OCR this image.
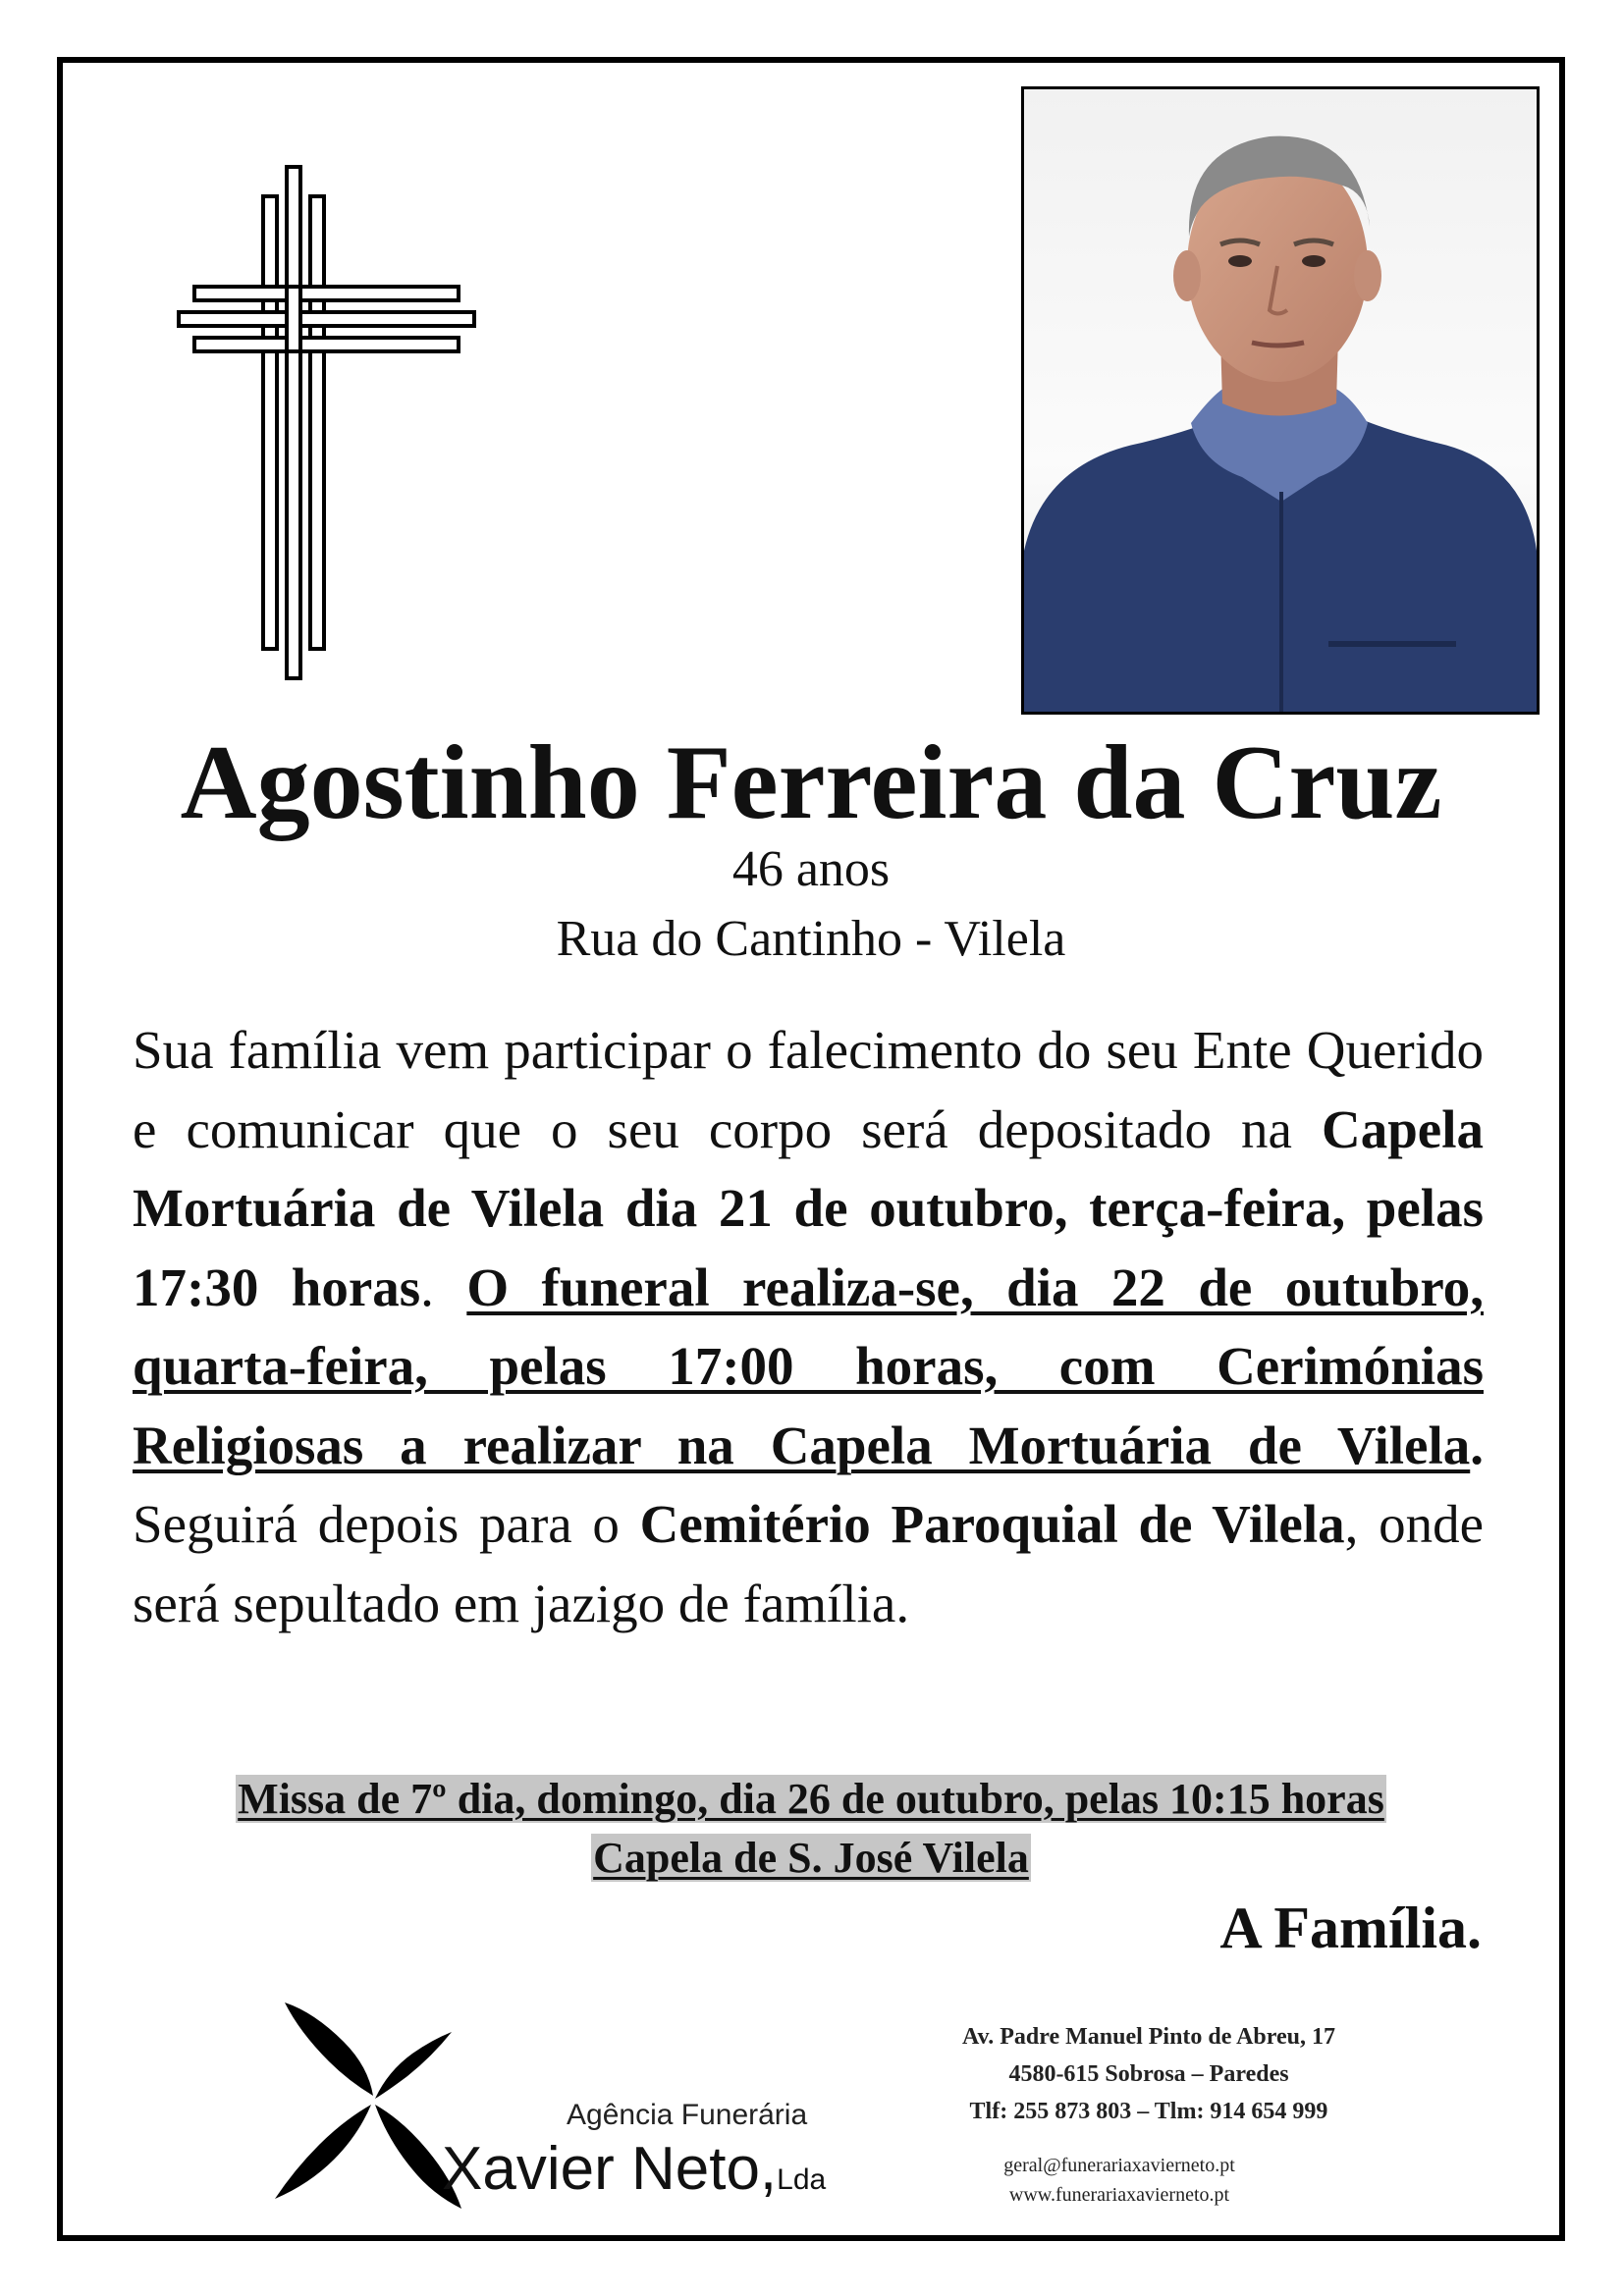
Agostinho Ferreira da Cruz
46 anos
Rua do Cantinho - Vilela

Sua família vem participar o falecimento do seu Ente Querido e comunicar que o seu corpo será depositado na Capela Mortuária de Vilela dia 21 de outubro, terça-feira, pelas 17:30 horas. O funeral realiza-se, dia 22 de outubro, quarta-feira, pelas 17:00 horas, com Cerimónias Religiosas a realizar na Capela Mortuária de Vilela. Seguirá depois para o Cemitério Paroquial de Vilela, onde será sepultado em jazigo de família.

Missa de 7º dia, domingo, dia 26 de outubro, pelas 10:15 horas
Capela de S. José Vilela
A Família.
Agência Funerária
Xavier Neto,Lda
Av. Padre Manuel Pinto de Abreu, 17
4580-615 Sobrosa – Paredes
Tlf: 255 873 803 – Tlm: 914 654 999
geral@funerariaxavierneto.pt
www.funerariaxavierneto.pt
